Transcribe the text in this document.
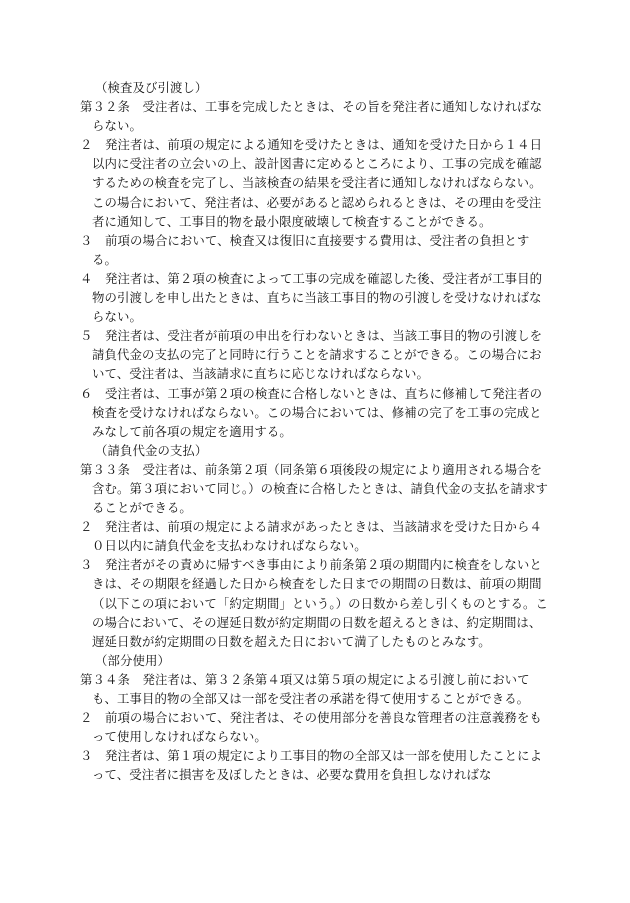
（検査及び引渡し）
第３２条　受注者は、工事を完成したときは、その旨を発注者に通知しなければならない。
２　発注者は、前項の規定による通知を受けたときは、通知を受けた日から１４日以内に受注者の立会いの上、設計図書に定めるところにより、工事の完成を確認するための検査を完了し、当該検査の結果を受注者に通知しなければならない。この場合において、発注者は、必要があると認められるときは、その理由を受注者に通知して、工事目的物を最小限度破壊して検査することができる。
３　前項の場合において、検査又は復旧に直接要する費用は、受注者の負担とする。
４　発注者は、第２項の検査によって工事の完成を確認した後、受注者が工事目的物の引渡しを申し出たときは、直ちに当該工事目的物の引渡しを受けなければならない。
５　発注者は、受注者が前項の申出を行わないときは、当該工事目的物の引渡しを請負代金の支払の完了と同時に行うことを請求することができる。この場合において、受注者は、当該請求に直ちに応じなければならない。
６　受注者は、工事が第２項の検査に合格しないときは、直ちに修補して発注者の検査を受けなければならない。この場合においては、修補の完了を工事の完成とみなして前各項の規定を適用する。
（請負代金の支払）
第３３条　受注者は、前条第２項（同条第６項後段の規定により適用される場合を含む。第３項において同じ。）の検査に合格したときは、請負代金の支払を請求することができる。
２　発注者は、前項の規定による請求があったときは、当該請求を受けた日から４０日以内に請負代金を支払わなければならない。
３　発注者がその責めに帰すべき事由により前条第２項の期間内に検査をしないときは、その期限を経過した日から検査をした日までの期間の日数は、前項の期間（以下この項において「約定期間」という。）の日数から差し引くものとする。この場合において、その遅延日数が約定期間の日数を超えるときは、約定期間は、遅延日数が約定期間の日数を超えた日において満了したものとみなす。
（部分使用）
第３４条　発注者は、第３２条第４項又は第５項の規定による引渡し前においても、工事目的物の全部又は一部を受注者の承諾を得て使用することができる。
２　前項の場合において、発注者は、その使用部分を善良な管理者の注意義務をもって使用しなければならない。
３　発注者は、第１項の規定により工事目的物の全部又は一部を使用したことによって、受注者に損害を及ぼしたときは、必要な費用を負担しなければな
